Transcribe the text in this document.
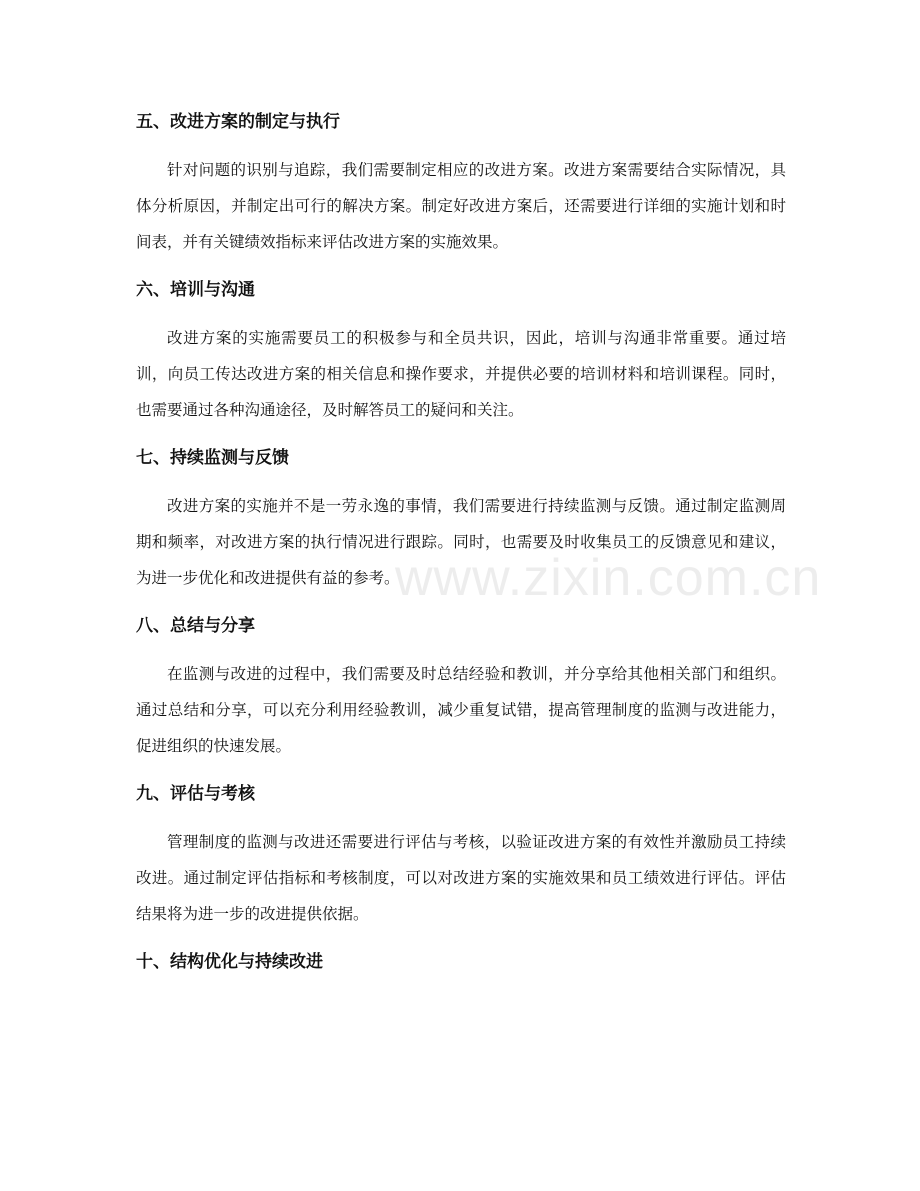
五、改进方案的制定与执行

针对问题的识别与追踪，我们需要制定相应的改进方案。改进方案需要结合实际情况，具体分析原因，并制定出可行的解决方案。制定好改进方案后，还需要进行详细的实施计划和时间表，并有关键绩效指标来评估改进方案的实施效果。

六、培训与沟通

改进方案的实施需要员工的积极参与和全员共识，因此，培训与沟通非常重要。通过培训，向员工传达改进方案的相关信息和操作要求，并提供必要的培训材料和培训课程。同时，也需要通过各种沟通途径，及时解答员工的疑问和关注。

七、持续监测与反馈

改进方案的实施并不是一劳永逸的事情，我们需要进行持续监测与反馈。通过制定监测周期和频率，对改进方案的执行情况进行跟踪。同时，也需要及时收集员工的反馈意见和建议，为进一步优化和改进提供有益的参考。

八、总结与分享

在监测与改进的过程中，我们需要及时总结经验和教训，并分享给其他相关部门和组织。通过总结和分享，可以充分利用经验教训，减少重复试错，提高管理制度的监测与改进能力，促进组织的快速发展。

九、评估与考核

管理制度的监测与改进还需要进行评估与考核，以验证改进方案的有效性并激励员工持续改进。通过制定评估指标和考核制度，可以对改进方案的实施效果和员工绩效进行评估。评估结果将为进一步的改进提供依据。

十、结构优化与持续改进
www.zixin.com.cn
